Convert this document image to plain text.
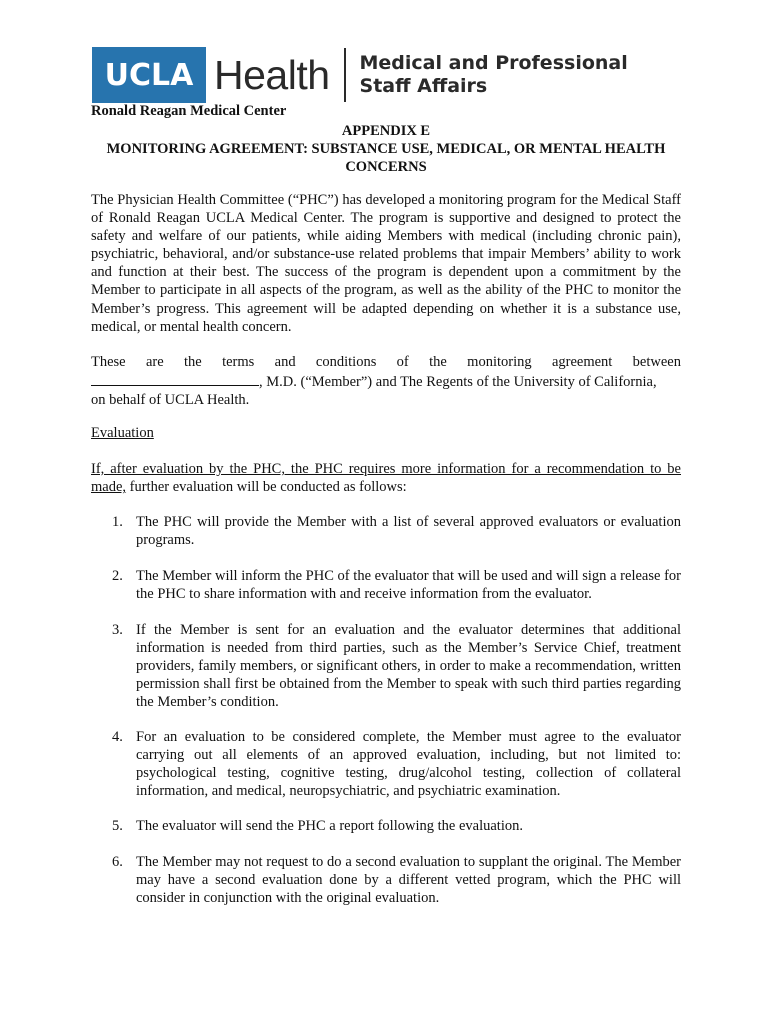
UCLA Health Medical and Professional
Staff Affairs
Ronald Reagan Medical Center
APPENDIX E
MONITORING AGREEMENT: SUBSTANCE USE, MEDICAL, OR MENTAL HEALTH
CONCERNS
The Physician Health Committee (“PHC”) has developed a monitoring program for the Medical Staff of Ronald Reagan UCLA Medical Center. The program is supportive and designed to protect the safety and welfare of our patients, while aiding Members with medical (including chronic pain), psychiatric, behavioral, and/or substance-use related problems that impair Members’ ability to work and function at their best. The success of the program is dependent upon a commitment by the Member to participate in all aspects of the program, as well as the ability of the PHC to monitor the Member’s progress. This agreement will be adapted depending on whether it is a substance use, medical, or mental health concern.
These are the terms and conditions of the monitoring agreement between
, M.D. (“Member”) and The Regents of the University of California,
on behalf of UCLA Health.
Evaluation
If, after evaluation by the PHC, the PHC requires more information for a recommendation to be made, further evaluation will be conducted as follows:
1. The PHC will provide the Member with a list of several approved evaluators or evaluation programs.
2. The Member will inform the PHC of the evaluator that will be used and will sign a release for the PHC to share information with and receive information from the evaluator.
3. If the Member is sent for an evaluation and the evaluator determines that additional information is needed from third parties, such as the Member’s Service Chief, treatment providers, family members, or significant others, in order to make a recommendation, written permission shall first be obtained from the Member to speak with such third parties regarding the Member’s condition.
4. For an evaluation to be considered complete, the Member must agree to the evaluator carrying out all elements of an approved evaluation, including, but not limited to: psychological testing, cognitive testing, drug/alcohol testing, collection of collateral information, and medical, neuropsychiatric, and psychiatric examination.
5. The evaluator will send the PHC a report following the evaluation.
6. The Member may not request to do a second evaluation to supplant the original. The Member may have a second evaluation done by a different vetted program, which the PHC will consider in conjunction with the original evaluation.
